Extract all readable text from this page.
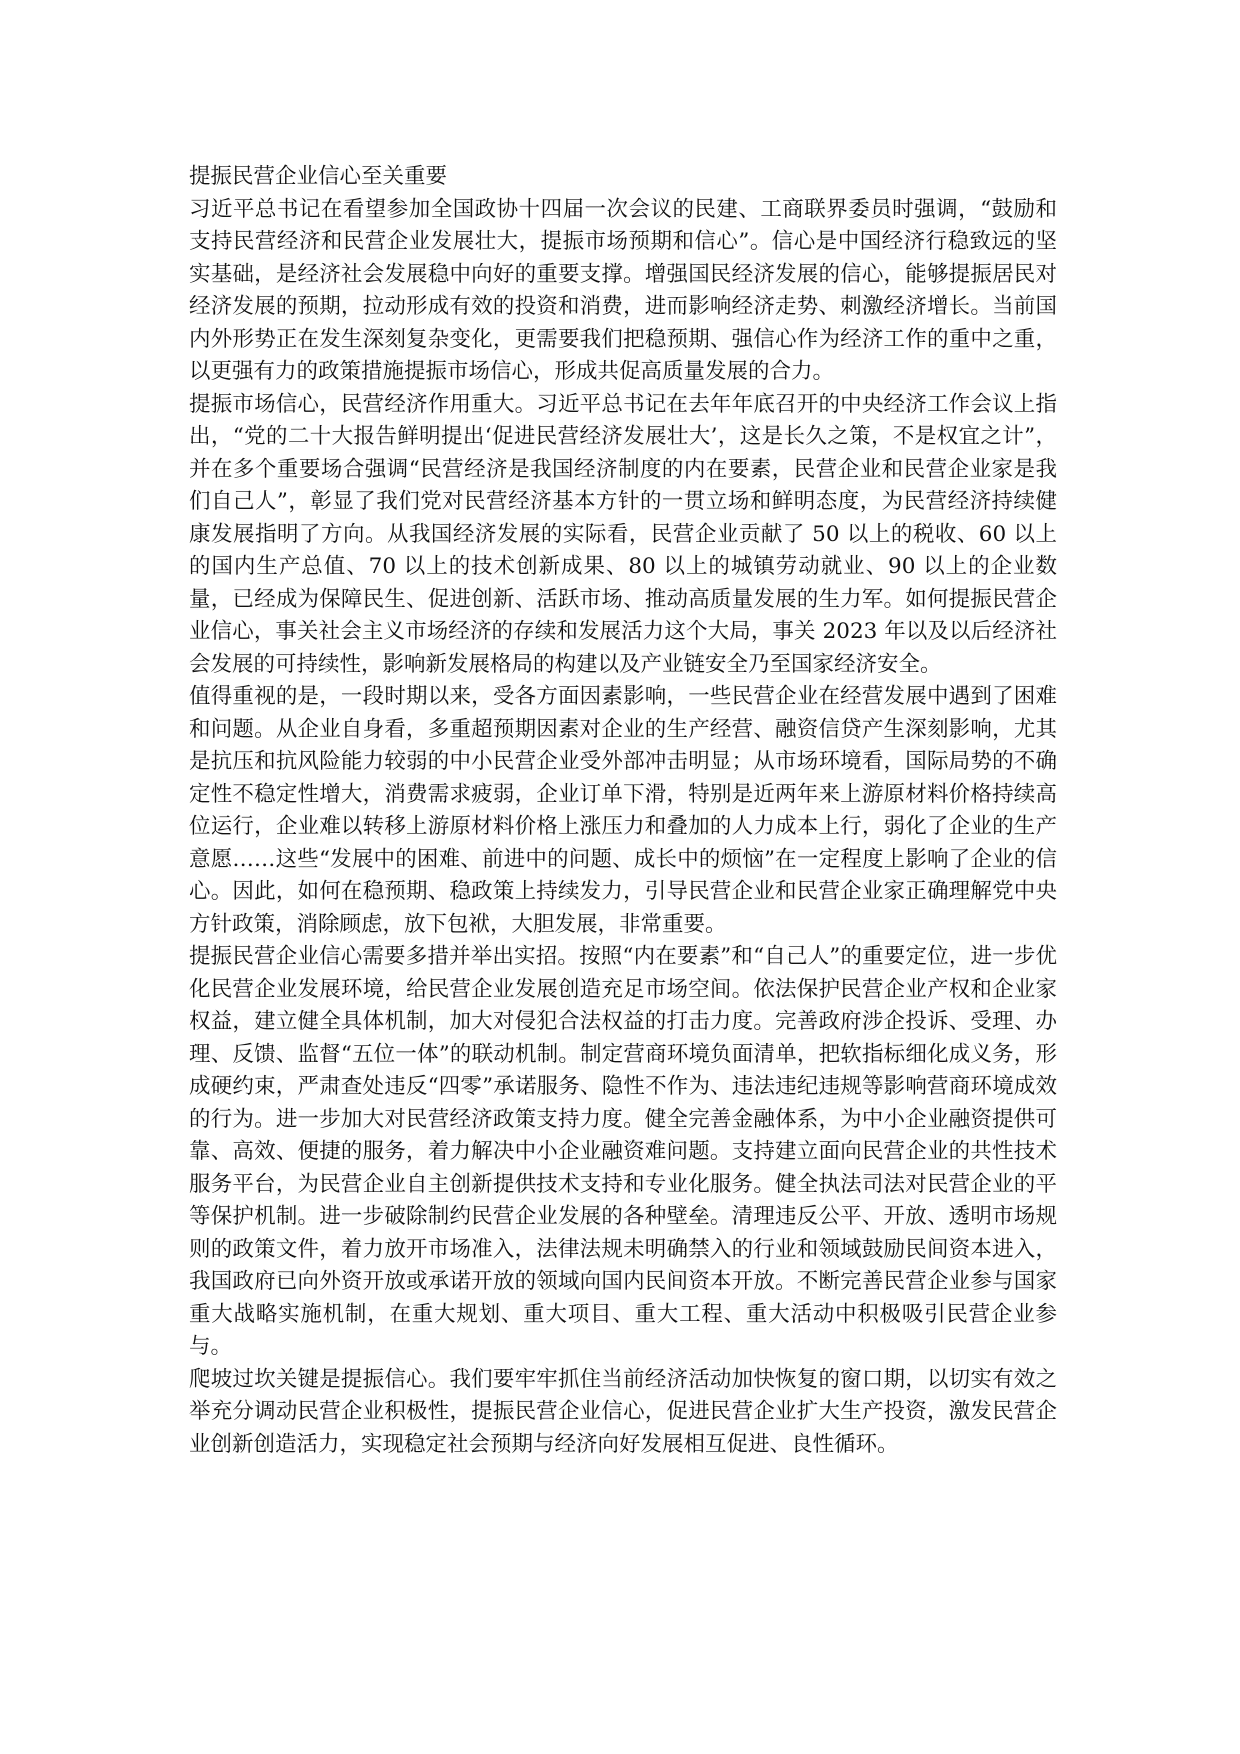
提振民营企业信心至关重要

习近平总书记在看望参加全国政协十四届一次会议的民建、工商联界委员时强调，“鼓励和支持民营经济和民营企业发展壮大，提振市场预期和信心”。信心是中国经济行稳致远的坚实基础，是经济社会发展稳中向好的重要支撑。增强国民经济发展的信心，能够提振居民对经济发展的预期，拉动形成有效的投资和消费，进而影响经济走势、刺激经济增长。当前国内外形势正在发生深刻复杂变化，更需要我们把稳预期、强信心作为经济工作的重中之重，以更强有力的政策措施提振市场信心，形成共促高质量发展的合力。

提振市场信心，民营经济作用重大。习近平总书记在去年年底召开的中央经济工作会议上指出，“党的二十大报告鲜明提出‘促进民营经济发展壮大’，这是长久之策，不是权宜之计”，并在多个重要场合强调“民营经济是我国经济制度的内在要素，民营企业和民营企业家是我们自己人”，彰显了我们党对民营经济基本方针的一贯立场和鲜明态度，为民营经济持续健康发展指明了方向。从我国经济发展的实际看，民营企业贡献了 50 以上的税收、60 以上的国内生产总值、70 以上的技术创新成果、80 以上的城镇劳动就业、90 以上的企业数量，已经成为保障民生、促进创新、活跃市场、推动高质量发展的生力军。如何提振民营企业信心，事关社会主义市场经济的存续和发展活力这个大局，事关 2023 年以及以后经济社会发展的可持续性，影响新发展格局的构建以及产业链安全乃至国家经济安全。

值得重视的是，一段时期以来，受各方面因素影响，一些民营企业在经营发展中遇到了困难和问题。从企业自身看，多重超预期因素对企业的生产经营、融资信贷产生深刻影响，尤其是抗压和抗风险能力较弱的中小民营企业受外部冲击明显；从市场环境看，国际局势的不确定性不稳定性增大，消费需求疲弱，企业订单下滑，特别是近两年来上游原材料价格持续高位运行，企业难以转移上游原材料价格上涨压力和叠加的人力成本上行，弱化了企业的生产意愿……这些“发展中的困难、前进中的问题、成长中的烦恼”在一定程度上影响了企业的信心。因此，如何在稳预期、稳政策上持续发力，引导民营企业和民营企业家正确理解党中央方针政策，消除顾虑，放下包袱，大胆发展，非常重要。

提振民营企业信心需要多措并举出实招。按照“内在要素”和“自己人”的重要定位，进一步优化民营企业发展环境，给民营企业发展创造充足市场空间。依法保护民营企业产权和企业家权益，建立健全具体机制，加大对侵犯合法权益的打击力度。完善政府涉企投诉、受理、办理、反馈、监督“五位一体”的联动机制。制定营商环境负面清单，把软指标细化成义务，形成硬约束，严肃查处违反“四零”承诺服务、隐性不作为、违法违纪违规等影响营商环境成效的行为。进一步加大对民营经济政策支持力度。健全完善金融体系，为中小企业融资提供可靠、高效、便捷的服务，着力解决中小企业融资难问题。支持建立面向民营企业的共性技术服务平台，为民营企业自主创新提供技术支持和专业化服务。健全执法司法对民营企业的平等保护机制。进一步破除制约民营企业发展的各种壁垒。清理违反公平、开放、透明市场规则的政策文件，着力放开市场准入，法律法规未明确禁入的行业和领域鼓励民间资本进入，我国政府已向外资开放或承诺开放的领域向国内民间资本开放。不断完善民营企业参与国家重大战略实施机制，在重大规划、重大项目、重大工程、重大活动中积极吸引民营企业参与。

爬坡过坎关键是提振信心。我们要牢牢抓住当前经济活动加快恢复的窗口期，以切实有效之举充分调动民营企业积极性，提振民营企业信心，促进民营企业扩大生产投资，激发民营企业创新创造活力，实现稳定社会预期与经济向好发展相互促进、良性循环。
